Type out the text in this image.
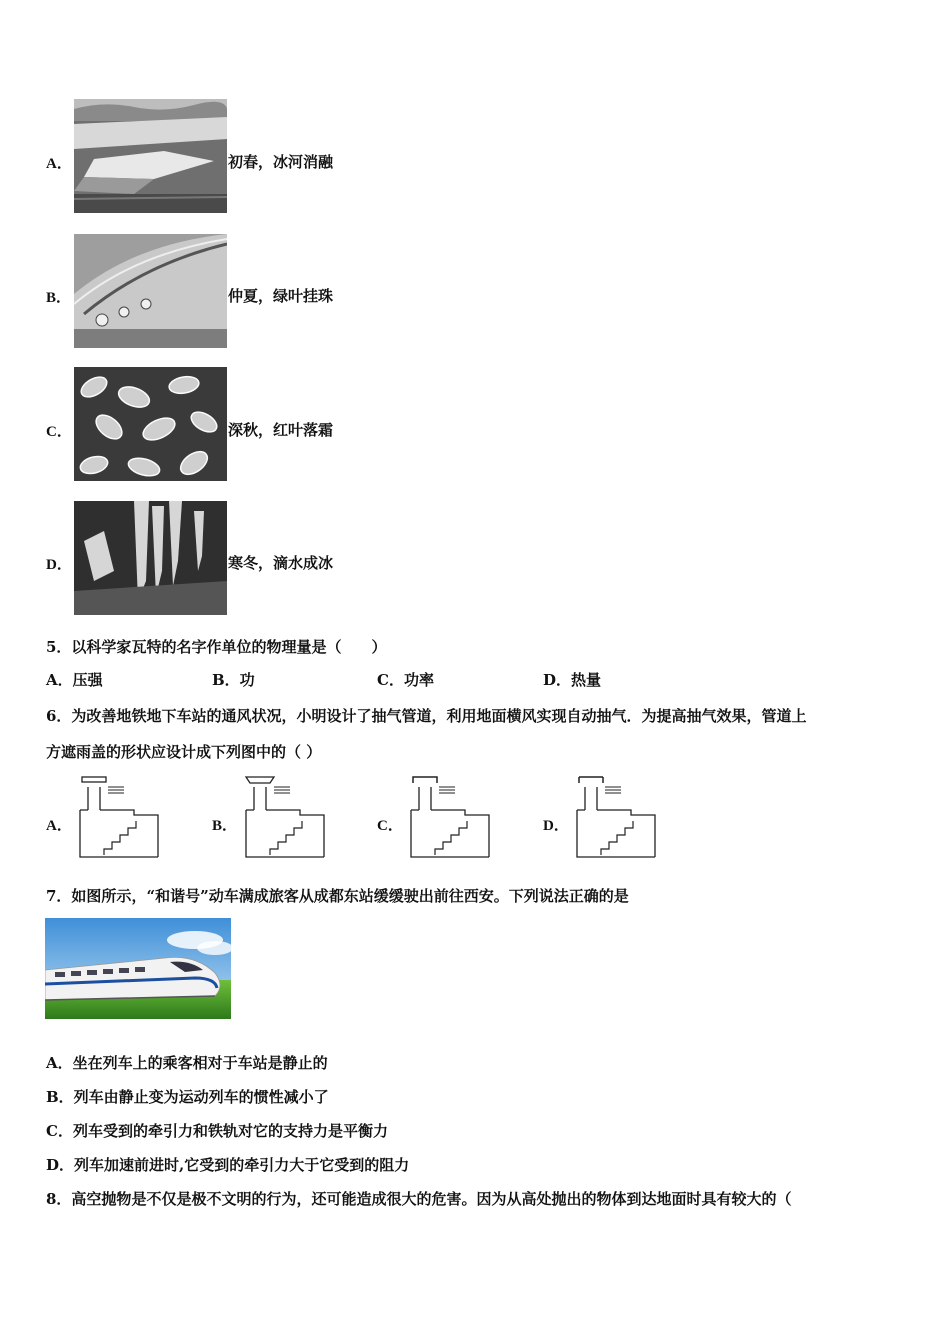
A．	初春，冰河消融
B．	仲夏，绿叶挂珠
C．	深秋，红叶落霜
D．	寒冬，滴水成冰
5．以科学家瓦特的名字作单位的物理量是（　　）
A．压强	B．功	C．功率	D．热量
6．为改善地铁地下车站的通风状况，小明设计了抽气管道，利用地面横风实现自动抽气．为提高抽气效果，管道上
方遮雨盖的形状应设计成下列图中的（ ）
A．	B．	C．	D．
7．如图所示，“和谐号”动车满成旅客从成都东站缓缓驶出前往西安。下列说法正确的是
A．坐在列车上的乘客相对于车站是静止的
B．列车由静止变为运动列车的惯性减小了
C．列车受到的牵引力和铁轨对它的支持力是平衡力
D．列车加速前进时,它受到的牵引力大于它受到的阻力
8．高空抛物是不仅是极不文明的行为，还可能造成很大的危害。因为从高处抛出的物体到达地面时具有较大的（
